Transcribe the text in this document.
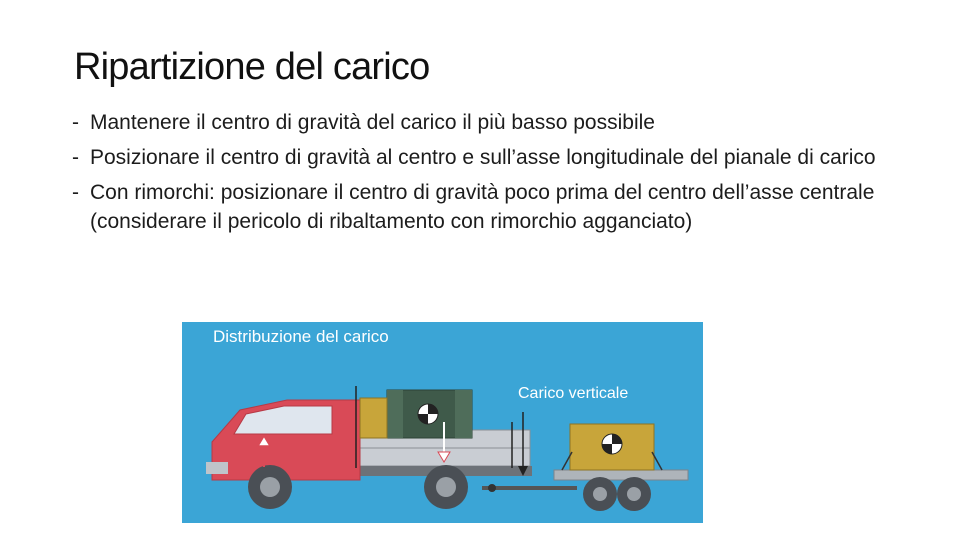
Ripartizione del carico
- Mantenere il centro di gravità del carico il più basso possibile
- Posizionare il centro di gravità al centro e sull’asse longitudinale del pianale di carico
- Con rimorchi: posizionare il centro di gravità poco prima del centro dell’asse centrale (considerare il pericolo di ribaltamento con rimorchio agganciato)
Distribuzione del carico
Carico verticale
